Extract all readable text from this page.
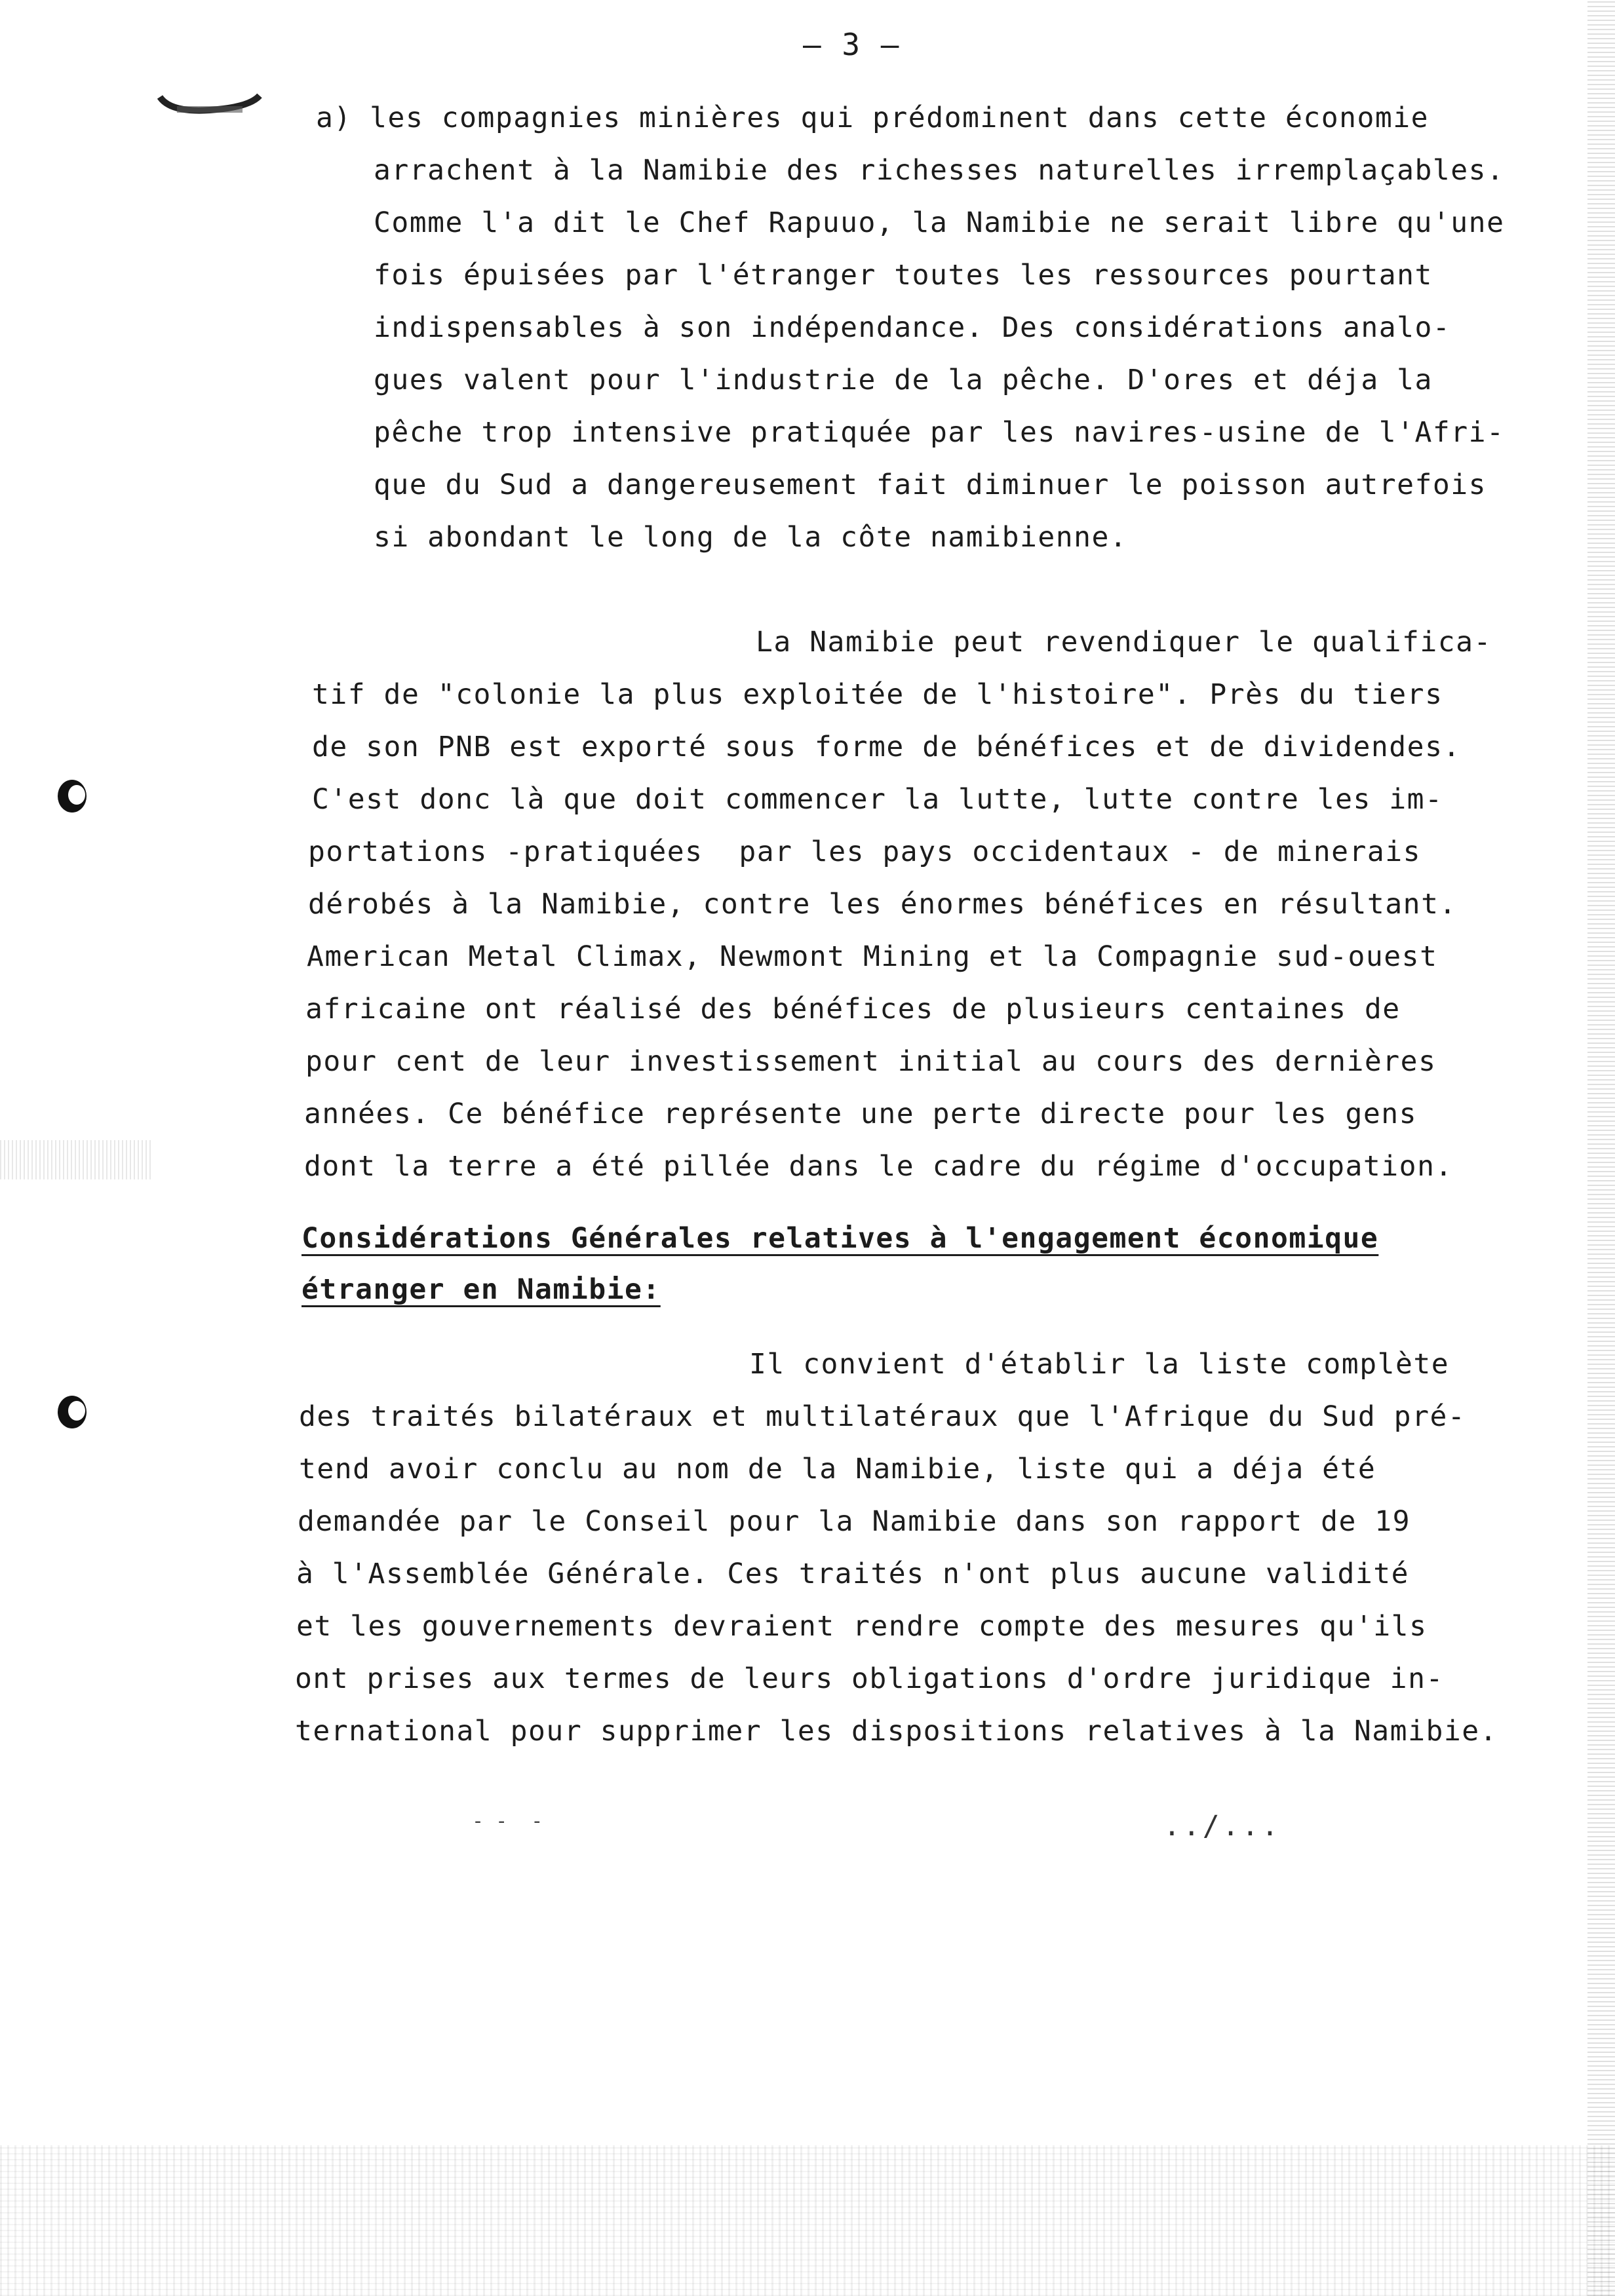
– 3 –
a) les compagnies minières qui prédominent dans cette économie
arrachent à la Namibie des richesses naturelles irremplaçables.
Comme l'a dit le Chef Rapuuo, la Namibie ne serait libre qu'une
fois épuisées par l'étranger toutes les ressources pourtant
indispensables à son indépendance. Des considérations analo-
gues valent pour l'industrie de la pêche. D'ores et déja la
pêche trop intensive pratiquée par les navires-usine de l'Afri-
que du Sud a dangereusement fait diminuer le poisson autrefois
si abondant le long de la côte namibienne.
La Namibie peut revendiquer le qualifica-
tif de "colonie la plus exploitée de l'histoire". Près du tiers
de son PNB est exporté sous forme de bénéfices et de dividendes.
C'est donc là que doit commencer la lutte, lutte contre les im-
portations -pratiquées  par les pays occidentaux - de minerais
dérobés à la Namibie, contre les énormes bénéfices en résultant.
American Metal Climax, Newmont Mining et la Compagnie sud-ouest
africaine ont réalisé des bénéfices de plusieurs centaines de
pour cent de leur investissement initial au cours des dernières
années. Ce bénéfice représente une perte directe pour les gens
dont la terre a été pillée dans le cadre du régime d'occupation.
Considérations Générales relatives à l'engagement économique
étranger en Namibie:
Il convient d'établir la liste complète
des traités bilatéraux et multilatéraux que l'Afrique du Sud pré-
tend avoir conclu au nom de la Namibie, liste qui a déja été
demandée par le Conseil pour la Namibie dans son rapport de 19
à l'Assemblée Générale. Ces traités n'ont plus aucune validité
et les gouvernements devraient rendre compte des mesures qu'ils
ont prises aux termes de leurs obligations d'ordre juridique in-
ternational pour supprimer les dispositions relatives à la Namibie.
- -  -	../...
